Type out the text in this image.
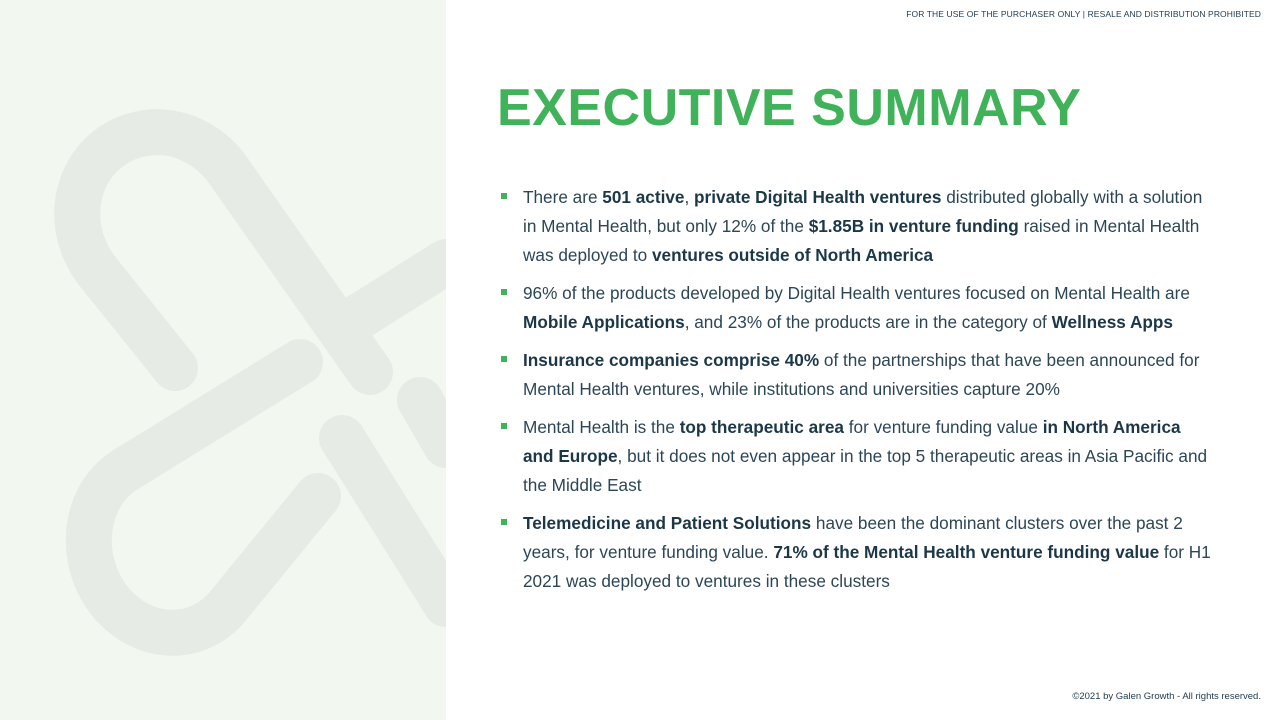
FOR THE USE OF THE PURCHASER ONLY | RESALE AND DISTRIBUTION PROHIBITED
EXECUTIVE SUMMARY
There are 501 active, private Digital Health ventures distributed globally with a solution in Mental Health, but only 12% of the $1.85B in venture funding raised in Mental Health was deployed to ventures outside of North America
96% of the products developed by Digital Health ventures focused on Mental Health are Mobile Applications, and 23% of the products are in the category of Wellness Apps
Insurance companies comprise 40% of the partnerships that have been announced for Mental Health ventures, while institutions and universities capture 20%
Mental Health is the top therapeutic area for venture funding value in North America and Europe, but it does not even appear in the top 5 therapeutic areas in Asia Pacific and the Middle East
Telemedicine and Patient Solutions have been the dominant clusters over the past 2 years, for venture funding value. 71% of the Mental Health venture funding value for H1 2021 was deployed to ventures in these clusters
©2021 by Galen Growth - All rights reserved.
